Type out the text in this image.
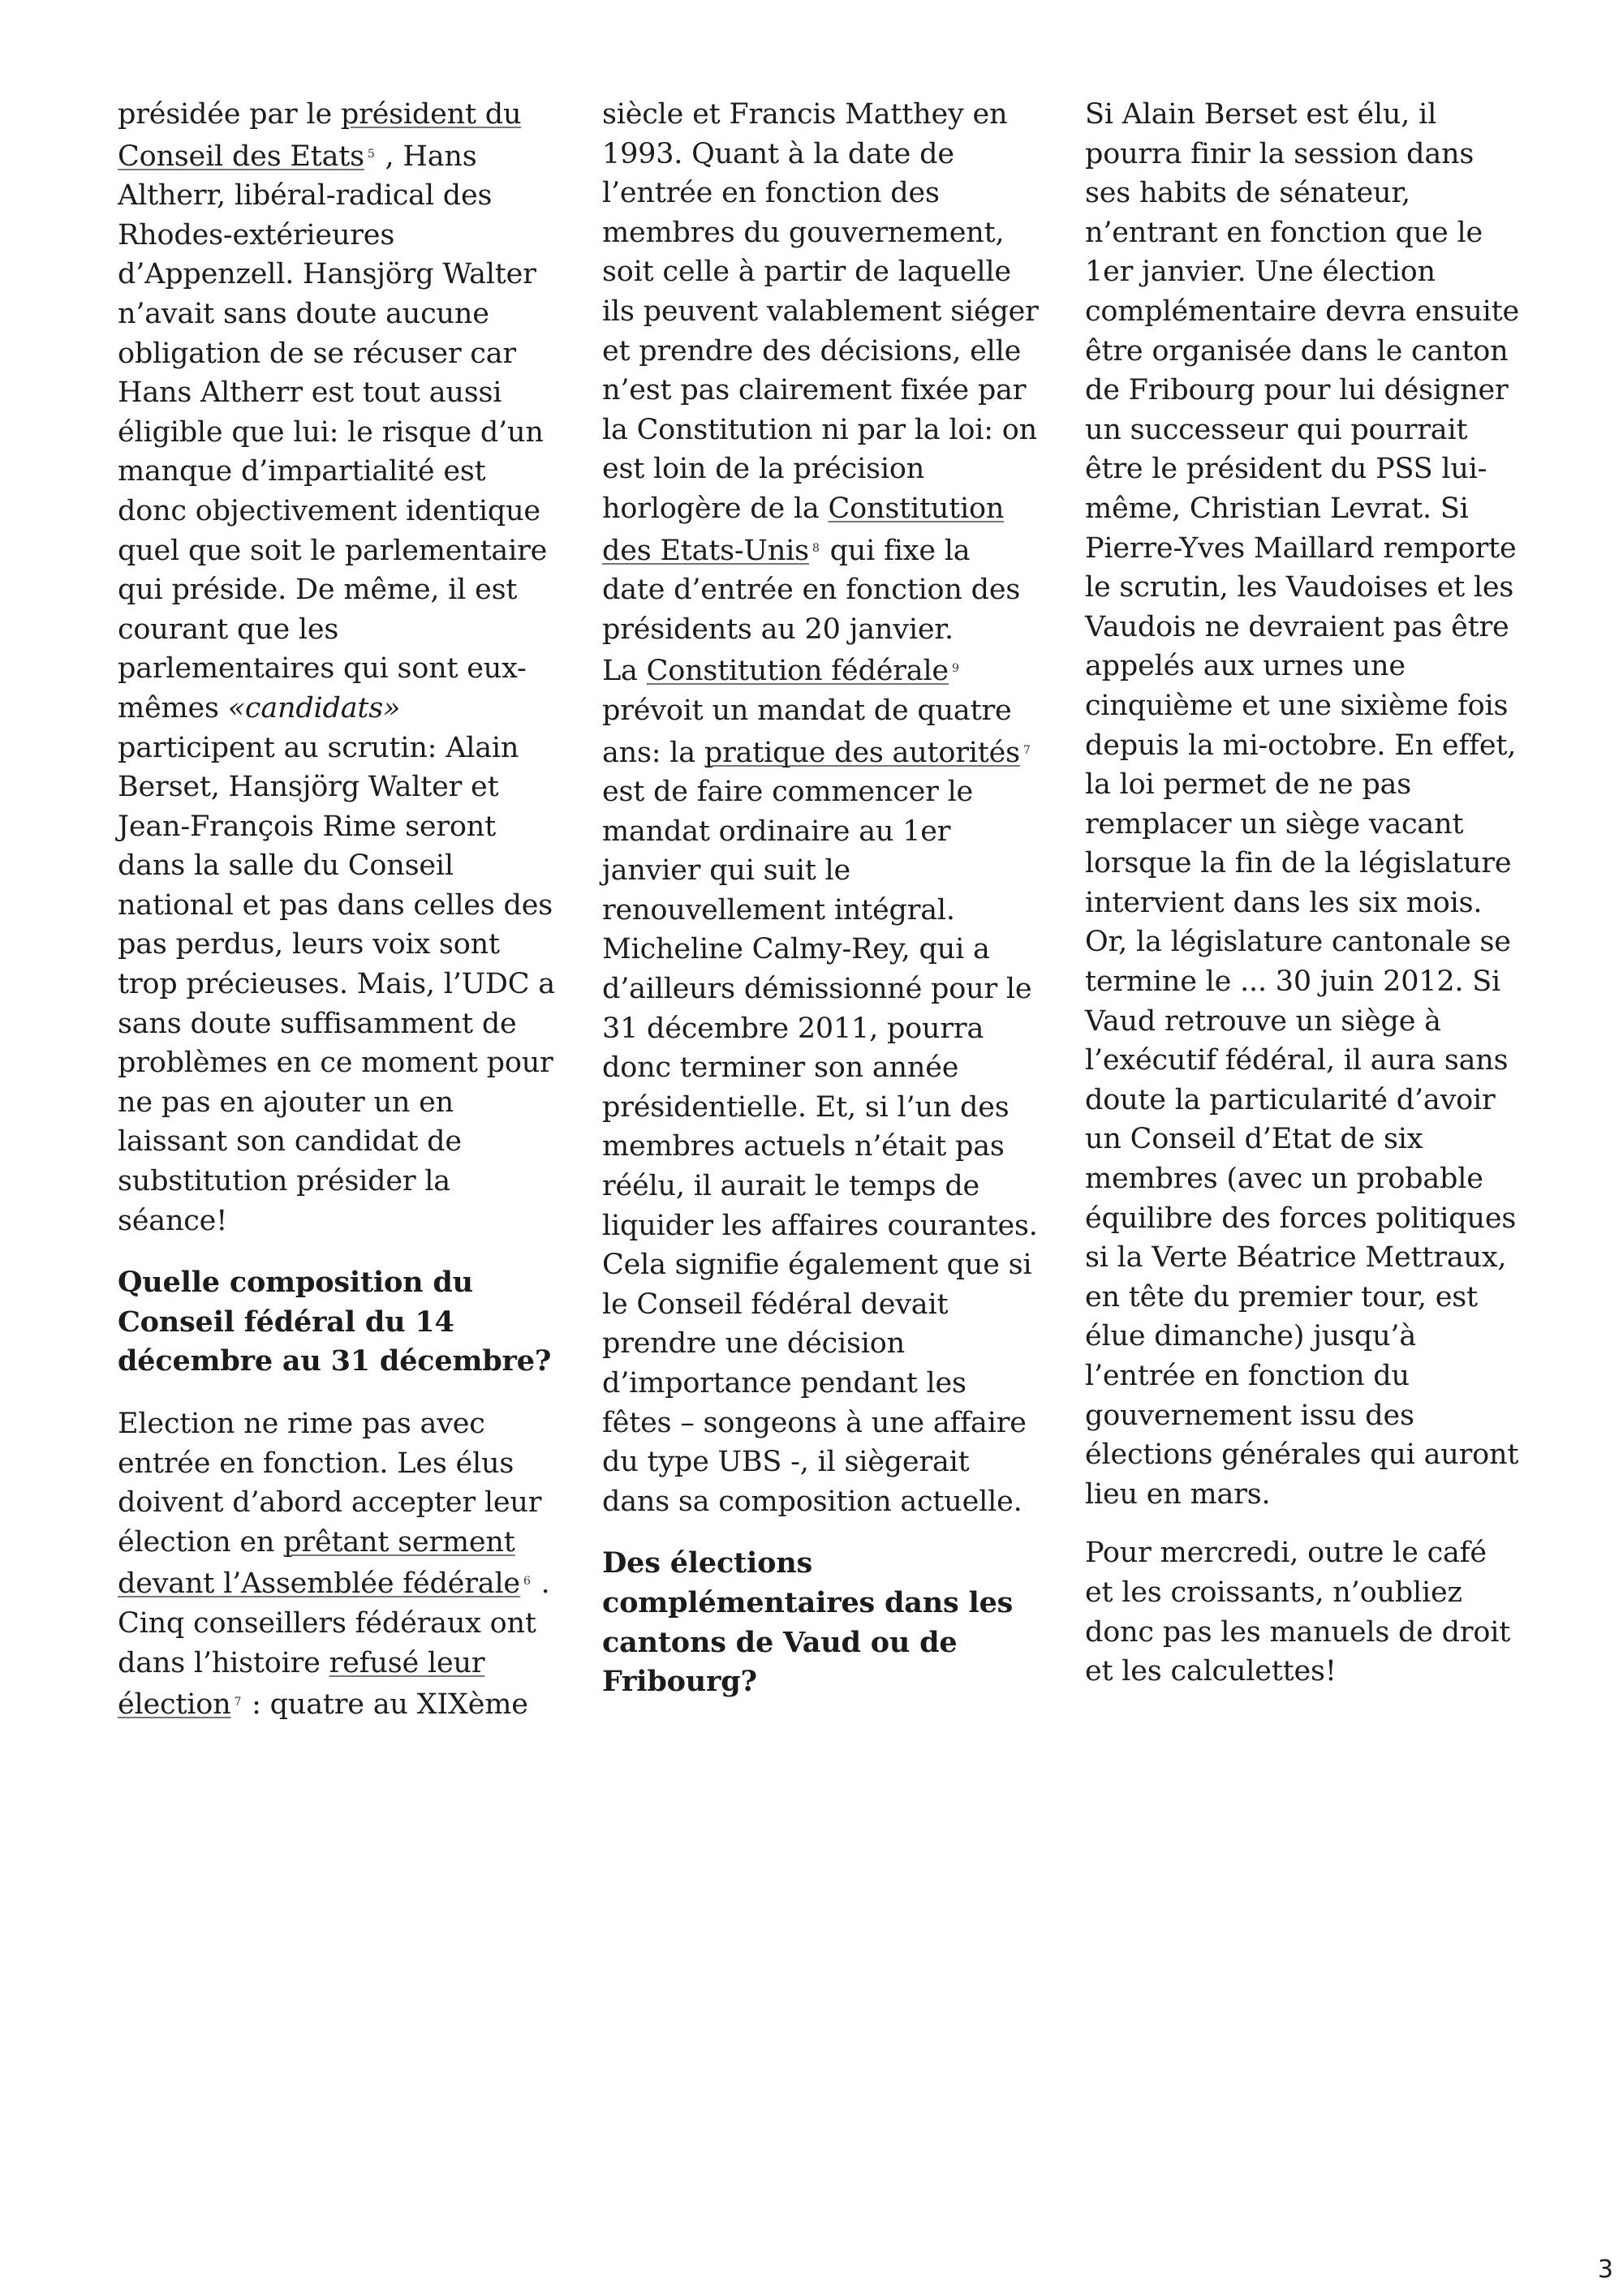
présidée par le président du Conseil des Etats $^5$ , Hans Altherr, libéral-radical des Rhodes-extérieures d’Appenzell. Hansjörg Walter n’avait sans doute aucune obligation de se récuser car Hans Altherr est tout aussi éligible que lui: le risque d’un manque d’impartialité est donc objectivement identique quel que soit le parlementaire qui préside. De même, il est courant que les parlementaires qui sont eux-mêmes «candidats» participent au scrutin: Alain Berset, Hansjörg Walter et Jean-François Rime seront dans la salle du Conseil national et pas dans celles des pas perdus, leurs voix sont trop précieuses. Mais, l’UDC a sans doute suffisamment de problèmes en ce moment pour ne pas en ajouter un en laissant son candidat de substitution présider la séance!

Quelle composition du Conseil fédéral du 14 décembre au 31 décembre?

Election ne rime pas avec entrée en fonction. Les élus doivent d’abord accepter leur élection en prêtant serment devant l’Assemblée fédérale $^6$ . Cinq conseillers fédéraux ont dans l’histoire refusé leur élection $^7$ : quatre au XIXème

siècle et Francis Matthey en 1993. Quant à la date de l’entrée en fonction des membres du gouvernement, soit celle à partir de laquelle ils peuvent valablement siéger et prendre des décisions, elle n’est pas clairement fixée par la Constitution ni par la loi: on est loin de la précision horlogère de la Constitution des Etats-Unis $^8$ qui fixe la date d’entrée en fonction des présidents au 20 janvier.

La Constitution fédérale $^9$ prévoit un mandat de quatre ans: la pratique des autorités $^7$ est de faire commencer le mandat ordinaire au 1er janvier qui suit le renouvellement intégral. Micheline Calmy-Rey, qui a d’ailleurs démissionné pour le 31 décembre 2011, pourra donc terminer son année présidentielle. Et, si l’un des membres actuels n’était pas réélu, il aurait le temps de liquider les affaires courantes. Cela signifie également que si le Conseil fédéral devait prendre une décision d’importance pendant les fêtes – songeons à une affaire du type UBS -, il siègerait dans sa composition actuelle.

Des élections complémentaires dans les cantons de Vaud ou de Fribourg?

Si Alain Berset est élu, il pourra finir la session dans ses habits de sénateur, n’entrant en fonction que le 1er janvier. Une élection complémentaire devra ensuite être organisée dans le canton de Fribourg pour lui désigner un successeur qui pourrait être le président du PSS lui-même, Christian Levrat. Si Pierre-Yves Maillard remporte le scrutin, les Vaudoises et les Vaudois ne devraient pas être appelés aux urnes une cinquième et une sixième fois depuis la mi-octobre. En effet, la loi permet de ne pas remplacer un siège vacant lorsque la fin de la législature intervient dans les six mois. Or, la législature cantonale se termine le ... 30 juin 2012. Si Vaud retrouve un siège à l’exécutif fédéral, il aura sans doute la particularité d’avoir un Conseil d’Etat de six membres (avec un probable équilibre des forces politiques si la Verte Béatrice Mettraux, en tête du premier tour, est élue dimanche) jusqu’à l’entrée en fonction du gouvernement issu des élections générales qui auront lieu en mars.

Pour mercredi, outre le café et les croissants, n’oubliez donc pas les manuels de droit et les calculettes!

3
